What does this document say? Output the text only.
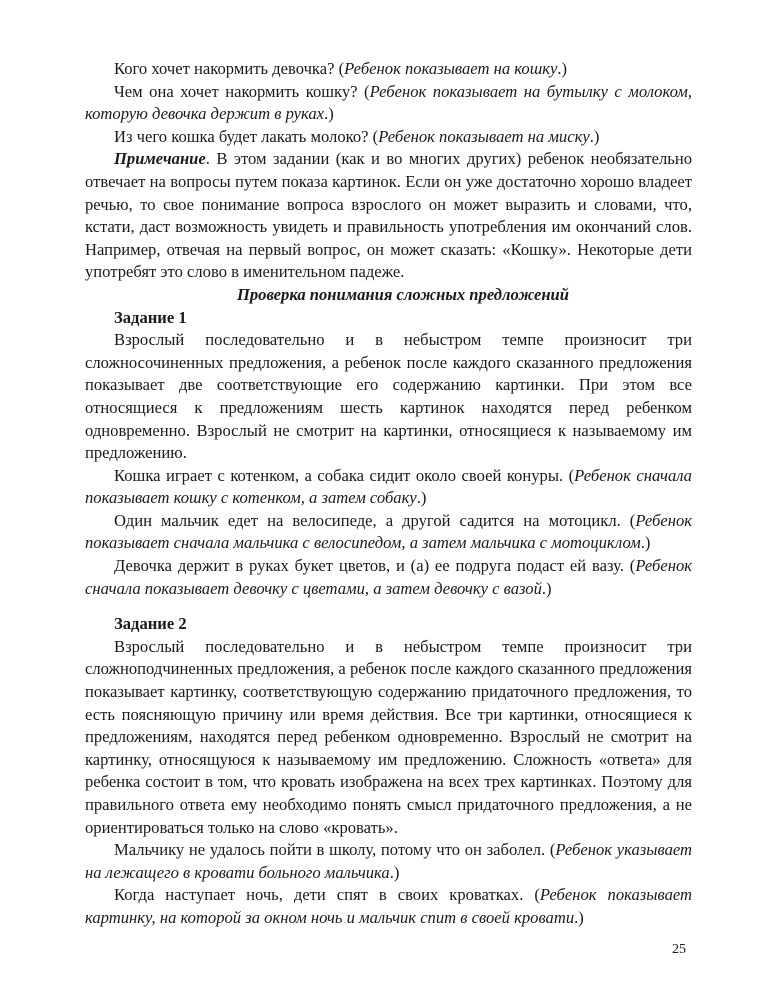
Кого хочет накормить девочка? (Ребенок показывает на кошку.)

Чем она хочет накормить кошку? (Ребенок показывает на бутылку с молоком, которую девочка держит в руках.)

Из чего кошка будет лакать молоко? (Ребенок показывает на миску.)

Примечание. В этом задании (как и во многих других) ребенок необязательно отвечает на вопросы путем показа картинок. Если он уже достаточно хорошо владеет речью, то свое понимание вопроса взрослого он может выразить и словами, что, кстати, даст возможность увидеть и правильность употребления им окончаний слов. Например, отвечая на первый вопрос, он может сказать: «Кошку». Некоторые дети употребят это слово в именительном падеже.

Проверка понимания сложных предложений

Задание 1

Взрослый последовательно и в небыстром темпе произносит три сложносочиненных предложения, а ребенок после каждого сказанного предложения показывает две соответствующие его содержанию картинки. При этом все относящиеся к предложениям шесть картинок находятся перед ребенком одновременно. Взрослый не смотрит на картинки, относящиеся к называемому им предложению.

Кошка играет с котенком, а собака сидит около своей конуры. (Ребенок сначала показывает кошку с котенком, а затем собаку.)

Один мальчик едет на велосипеде, а другой садится на мотоцикл. (Ребенок показывает сначала мальчика с велосипедом, а затем мальчика с мотоциклом.)

Девочка держит в руках букет цветов, и (а) ее подруга подаст ей вазу. (Ребенок сначала показывает девочку с цветами, а затем девочку с вазой.)

Задание 2

Взрослый последовательно и в небыстром темпе произносит три сложноподчиненных предложения, а ребенок после каждого сказанного предложения показывает картинку, соответствующую содержанию придаточного предложения, то есть поясняющую причину или время действия. Все три картинки, относящиеся к предложениям, находятся перед ребенком одновременно. Взрослый не смотрит на картинку, относящуюся к называемому им предложению. Сложность «ответа» для ребенка состоит в том, что кровать изображена на всех трех картинках. Поэтому для правильного ответа ему необходимо понять смысл придаточного предложения, а не ориентироваться только на слово «кровать».

Мальчику не удалось пойти в школу, потому что он заболел. (Ребенок указывает на лежащего в кровати больного мальчика.)

Когда наступает ночь, дети спят в своих кроватках. (Ребенок показывает картинку, на которой за окном ночь и мальчик спит в своей кровати.)

25
